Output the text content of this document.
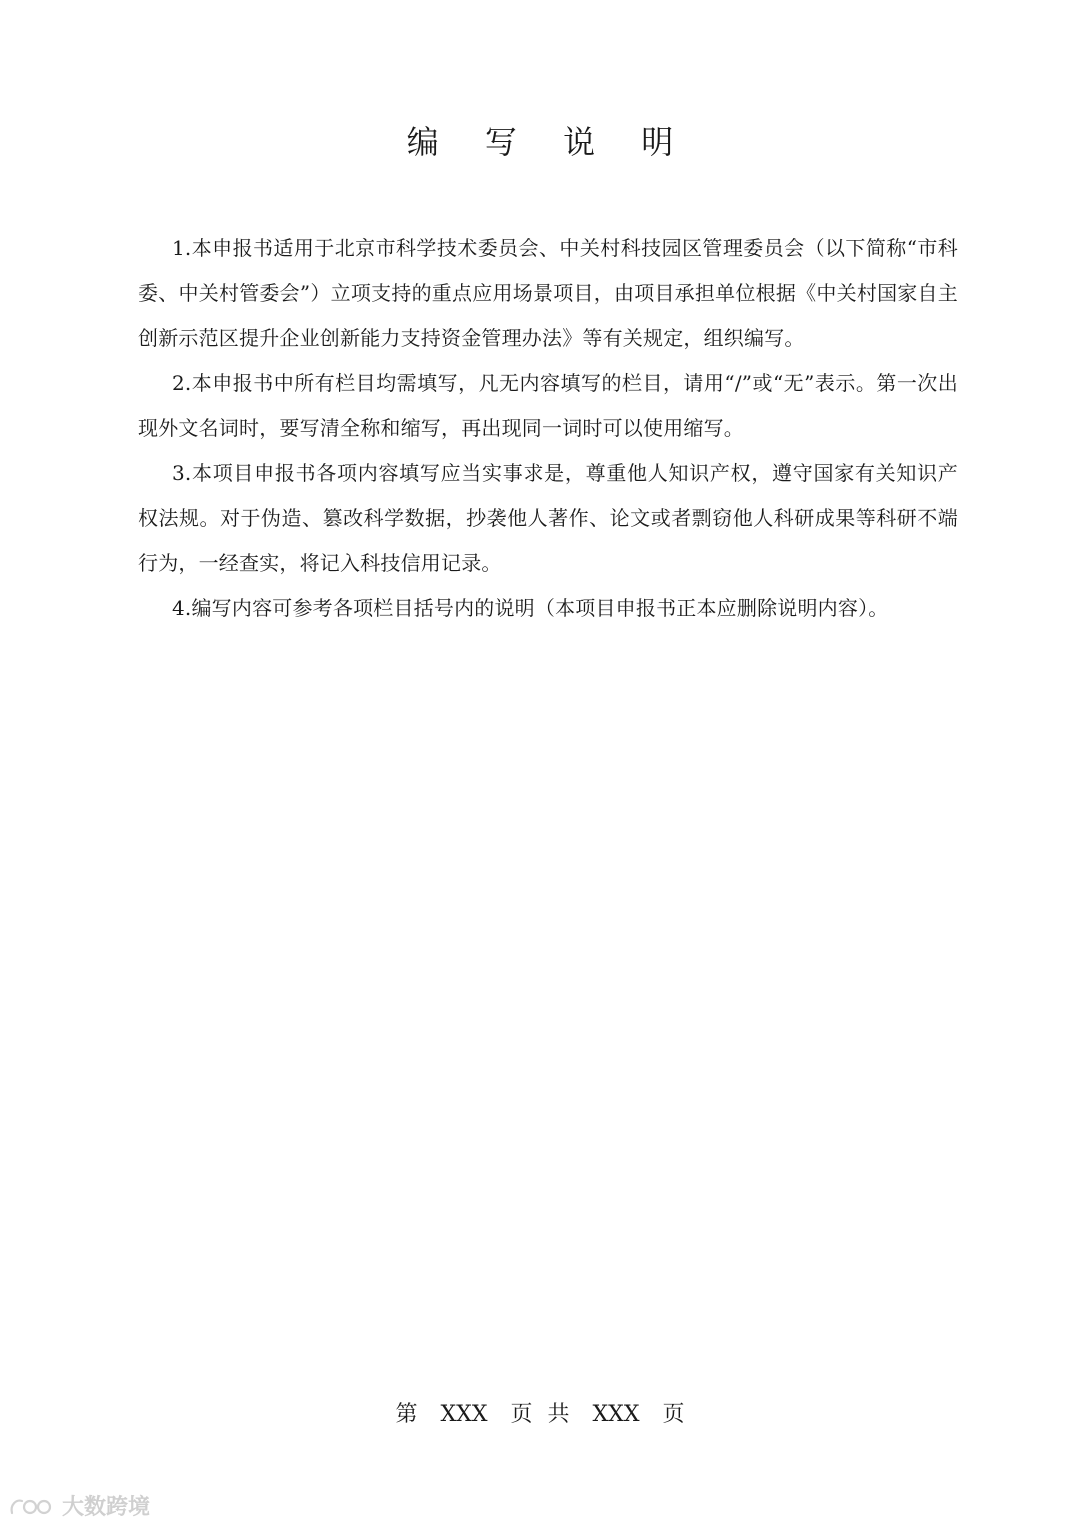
编 写 说 明

1.本申报书适用于北京市科学技术委员会、中关村科技园区管理委员会（以下简称“市科委、中关村管委会”）立项支持的重点应用场景项目，由项目承担单位根据《中关村国家自主创新示范区提升企业创新能力支持资金管理办法》等有关规定，组织编写。

2.本申报书中所有栏目均需填写，凡无内容填写的栏目，请用“/”或“无”表示。第一次出现外文名词时，要写清全称和缩写，再出现同一词时可以使用缩写。

3.本项目申报书各项内容填写应当实事求是，尊重他人知识产权，遵守国家有关知识产权法规。对于伪造、篡改科学数据，抄袭他人著作、论文或者剽窃他人科研成果等科研不端行为，一经查实，将记入科技信用记录。

4.编写内容可参考各项栏目括号内的说明（本项目申报书正本应删除说明内容）。

第 XXX 页 共 XXX 页
大数跨境
